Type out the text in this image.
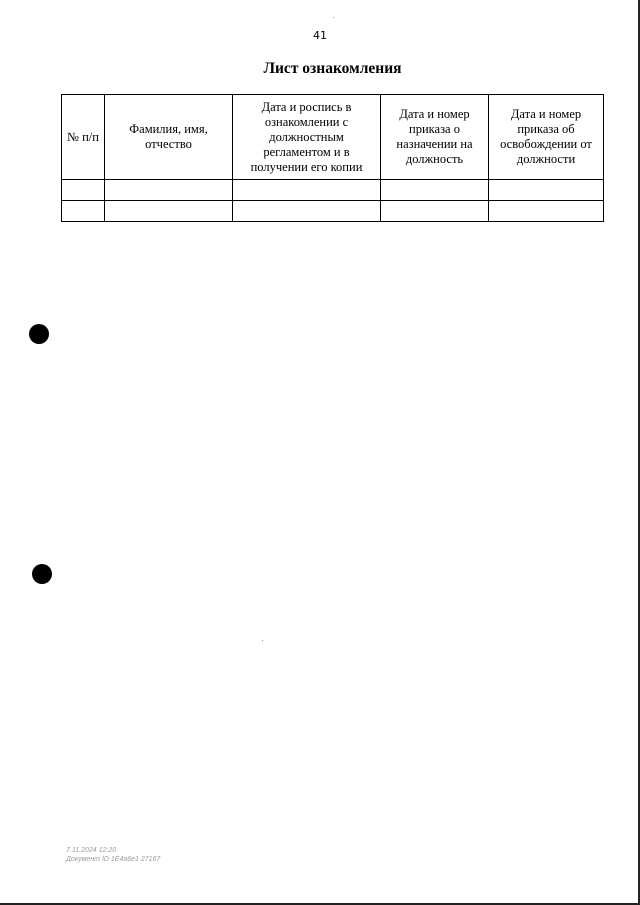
41
Лист ознакомления
№ п/п	Фамилия, имя, отчество	Дата и роспись в ознакомлении с должностным регламентом и в получении его копии	Дата и номер приказа о назначении на должность	Дата и номер приказа об освобождении от должности

7.11.2024 12:20
Документ ID 1E4a6e1 27167
